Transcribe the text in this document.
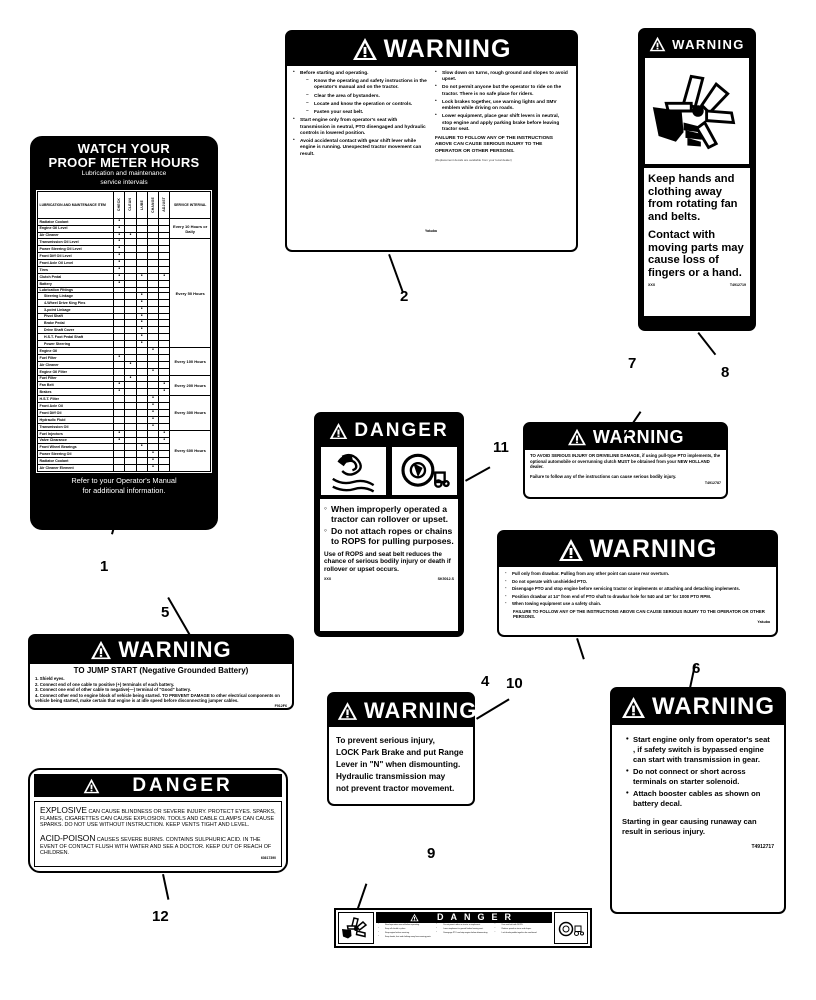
WATCH YOUR
PROOF METER HOURS
Lubrication and maintenance
service intervals
LUBRICATION AND MAINTENANCE ITEM	CHECK	CLEAN	LUBE	CHANGE	ADJUST	SERVICE INTERVAL
Radiator Coolant	•					Every 10 Hours or Daily
Engine Oil Level	•					
Air Cleaner	•	•				
Transmission Oil Level	•					Every 50 Hours
Power Steering Oil Level	•					
Front Diff Oil Level	•					
Front Axle Oil Level	•					
Tires	•					
Clutch Pedal	•		•		•	
Battery	•					
Lubrication Fittings						
Steering Linkage			•			
4-Wheel Drive King Pins			•			
3-point Linkage			•			
Pivot Shaft			•			
Brake Pedal			•			
Drive Shaft Cover			•			
H.S.T. Foot Pedal Shaft			•			
Power Steering			•			
Engine Oil				•		Every 100 Hours
Fuel Filter	•					
Air Cleaner		•				
Engine Oil Filter				•		
Fuel Filter		•				Every 200 Hours
Fan Belt	•				•	
Brakes	•				•	
H.S.T. Filter				•		Every 300 Hours
Front Axle Oil				•		
Front Diff Oil				•		
Hydraulic Fluid				•		
Transmission Oil				•		
Fuel Injectors	•				•	Every 600 Hours
Valve Clearance	•				•	
Front Wheel Bearings			•			
Power Steering Oil				•		
Radiator Coolant				•		
Air Cleaner Element				•		
Refer to your Operator's Manual
for additional information.
WARNING
• Before starting and operating.
– Know the operating and safety instructions in the operator's manual and on the tractor.
– Clear the area of bystanders.
– Locate and know the operation or controls.
– Fasten your seat belt.
• Start engine only from operator's seat with transmission in neutral, PTO disengaged and hydraulic controls in lowered position.
• Avoid accidental contact with gear shift lever while engine is running. Unexpected tractor movement can result.
• Slow down on turns, rough ground and slopes to avoid upset.
• Do not permit anyone but the operator to ride on the tractor. There is no safe place for riders.
• Lock brakes together, use warning lights and SMV emblem while driving on roads.
• Lower equipment, place gear shift levers in neutral, stop engine and apply parking brake before leaving tractor seat.
FAILURE TO FOLLOW ANY OF THE INSTRUCTIONS ABOVE CAN CAUSE SERIOUS INJURY TO THE OPERATOR OR OTHER PERSONS.
(Replacement decals are available from your local dealer)
Yakuba
WARNING
Keep hands and clothing away from rotating fan and belts.
Contact with moving parts may cause loss of fingers or a hand.
XXX	T4912719
DANGER
◦ When improperly operated a tractor can rollover or upset.
◦ Do not attach ropes or chains to ROPS for pulling purposes.
Use of ROPS and seat belt reduces the chance of serious bodily injury or death if rollover or upset occurs.
XXX	SK5012.S
WARNING
TO AVOID SERIOUS INJURY OR DRIVELINE DAMAGE, if using pull-type PTO implements, the optional automobile or overrunning clutch MUST be obtained from your NEW HOLLAND dealer.
Failure to follow any of the instructions can cause serious bodily injury.
T4912787
WARNING
- Pull only from drawbar. Pulling from any other point can cause rear overturn.
- Do not operate with unshielded PTO.
- Disengage PTO and stop engine before servicing tractor or implements or attaching and detaching implements.
- Position drawbar at 14" from end of PTO shaft to drawbar hole for 540 and 16" for 1000 PTO RPM.
- When towing equipment use a safety chain.
FAILURE TO FOLLOW ANY OF THE INSTRUCTIONS ABOVE CAN CAUSE SERIOUS INJURY TO THE OPERATOR OR OTHER PERSONS.
Yakuba
WARNING
• Start engine only from operator's seat , if safety switch is bypassed engine can start with transmission in gear.
• Do not connect or short across terminals on starter solenoid.
• Attach booster cables as shown on battery decal.
Starting in gear causing runaway can result in serious injury.
T4912717
WARNING
TO JUMP START (Negative Grounded Battery)
1. Shield eyes.
2. Connect end of one cable to positive (+) terminals of each battery.
3. Connect one end of other cable to negative(—) terminal of "Good" battery.
4. Connect other end to engine block of vehicle being started. TO PREVENT DAMAGE to other electrical components on vehicle being started, make certain that engine is at idle speed before disconnecting jumper cables.
F912F6	WARNING
To prevent serious injury,
LOCK Park Brake and put Range
Lever in "N" when dismounting.
Hydraulic transmission may
not prevent tractor movement.
DANGER
EXPLOSIVE CAN CAUSE BLINDNESS OR SEVERE INJURY. PROTECT EYES. SPARKS, FLAMES, CIGARETTES CAN CAUSE EXPLOSION. TOOLS AND CABLE CLAMPS CAN CAUSE SPARKS. DO NOT USE WITHOUT INSTRUCTION. KEEP VENTS TIGHT AND LEVEL.
ACID-POISON CAUSES SEVERE BURNS. CONTAINS SULPHURIC ACID. IN THE EVENT OF CONTACT FLUSH WITH WATER AND SEE A DOCTOR. KEEP OUT OF REACH OF CHILDREN.
63617390
DANGER
• Read operators manual before operating.
• Keep all shields in place.
• Stop engine before servicing.
• Keep hands, feet and clothing away from moving parts.
• Do not permit riders on tractor or implement.
• Lower implement to ground before leaving seat.
• Disengage PTO and stop engine before dismounting.
• Use seat belt with ROPS.
• Reduce speed on turns and slopes.
• Lock brake pedals together for road travel.
1
2
4
5
6
7
8
9
10
11
12
